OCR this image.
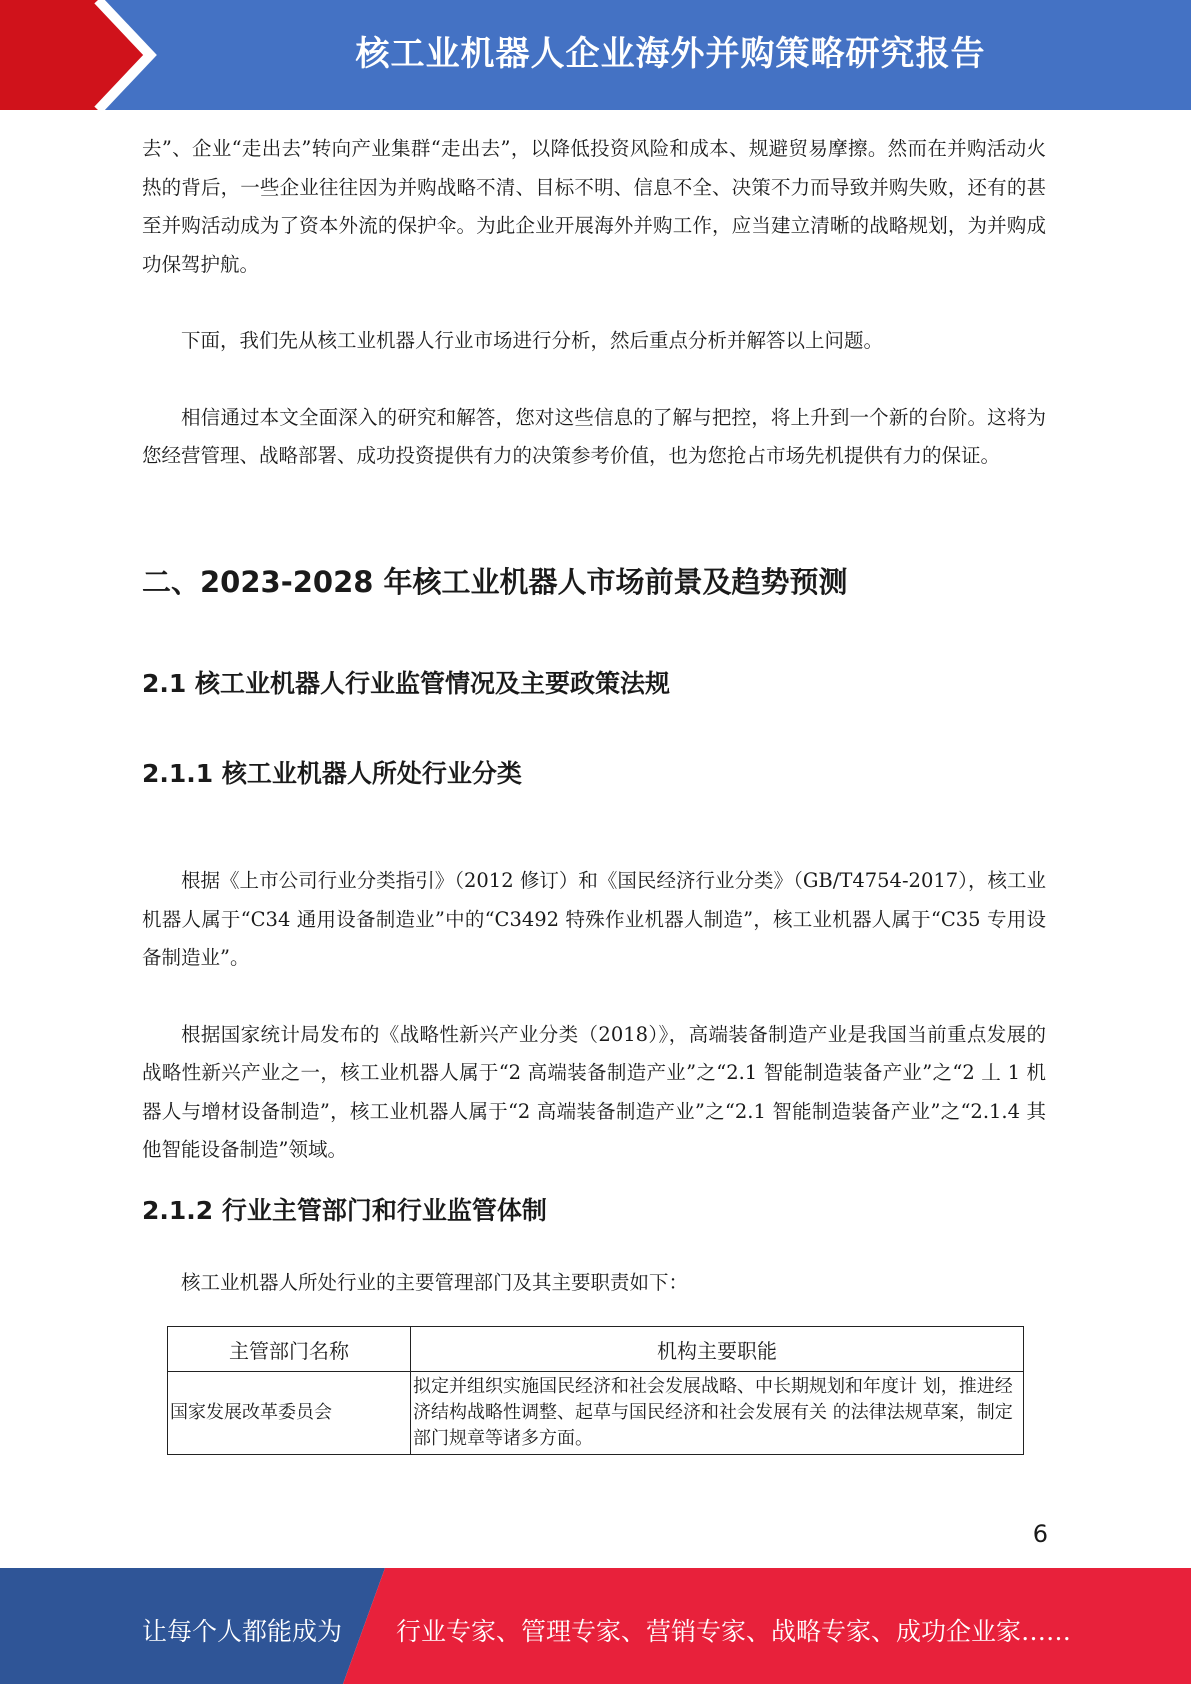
核工业机器人企业海外并购策略研究报告

去”、企业“走出去”转向产业集群“走出去”，以降低投资风险和成本、规避贸易摩擦。然而在并购活动火热的背后，一些企业往往因为并购战略不清、目标不明、信息不全、决策不力而导致并购失败，还有的甚至并购活动成为了资本外流的保护伞。为此企业开展海外并购工作，应当建立清晰的战略规划，为并购成功保驾护航。

下面，我们先从核工业机器人行业市场进行分析，然后重点分析并解答以上问题。

相信通过本文全面深入的研究和解答，您对这些信息的了解与把控，将上升到一个新的台阶。这将为您经营管理、战略部署、成功投资提供有力的决策参考价值，也为您抢占市场先机提供有力的保证。

二、2023-2028 年核工业机器人市场前景及趋势预测
2.1 核工业机器人行业监管情况及主要政策法规
2.1.1 核工业机器人所处行业分类

根据《上市公司行业分类指引》（2012 修订）和《国民经济行业分类》（GB/T4754-2017），核工业机器人属于“C34 通用设备制造业”中的“C3492 特殊作业机器人制造”，核工业机器人属于“C35 专用设备制造业”。

根据国家统计局发布的《战略性新兴产业分类（2018）》，高端装备制造产业是我国当前重点发展的战略性新兴产业之一，核工业机器人属于“2 高端装备制造产业”之“2.1 智能制造装备产业”之“2 丄 1 机器人与增材设备制造”，核工业机器人属于“2 高端装备制造产业”之“2.1 智能制造装备产业”之“2.1.4 其他智能设备制造”领域。

2.1.2 行业主管部门和行业监管体制

核工业机器人所处行业的主要管理部门及其主要职责如下：

主管部门名称	机构主要职能
国家发展改革委员会	拟定并组织实施国民经济和社会发展战略、中长期规划和年度计 划，推进经济结构战略性调整、起草与国民经济和社会发展有关 的法律法规草案，制定部门规章等诸多方面。
6
让每个人都能成为 行业专家、管理专家、营销专家、战略专家、成功企业家……
